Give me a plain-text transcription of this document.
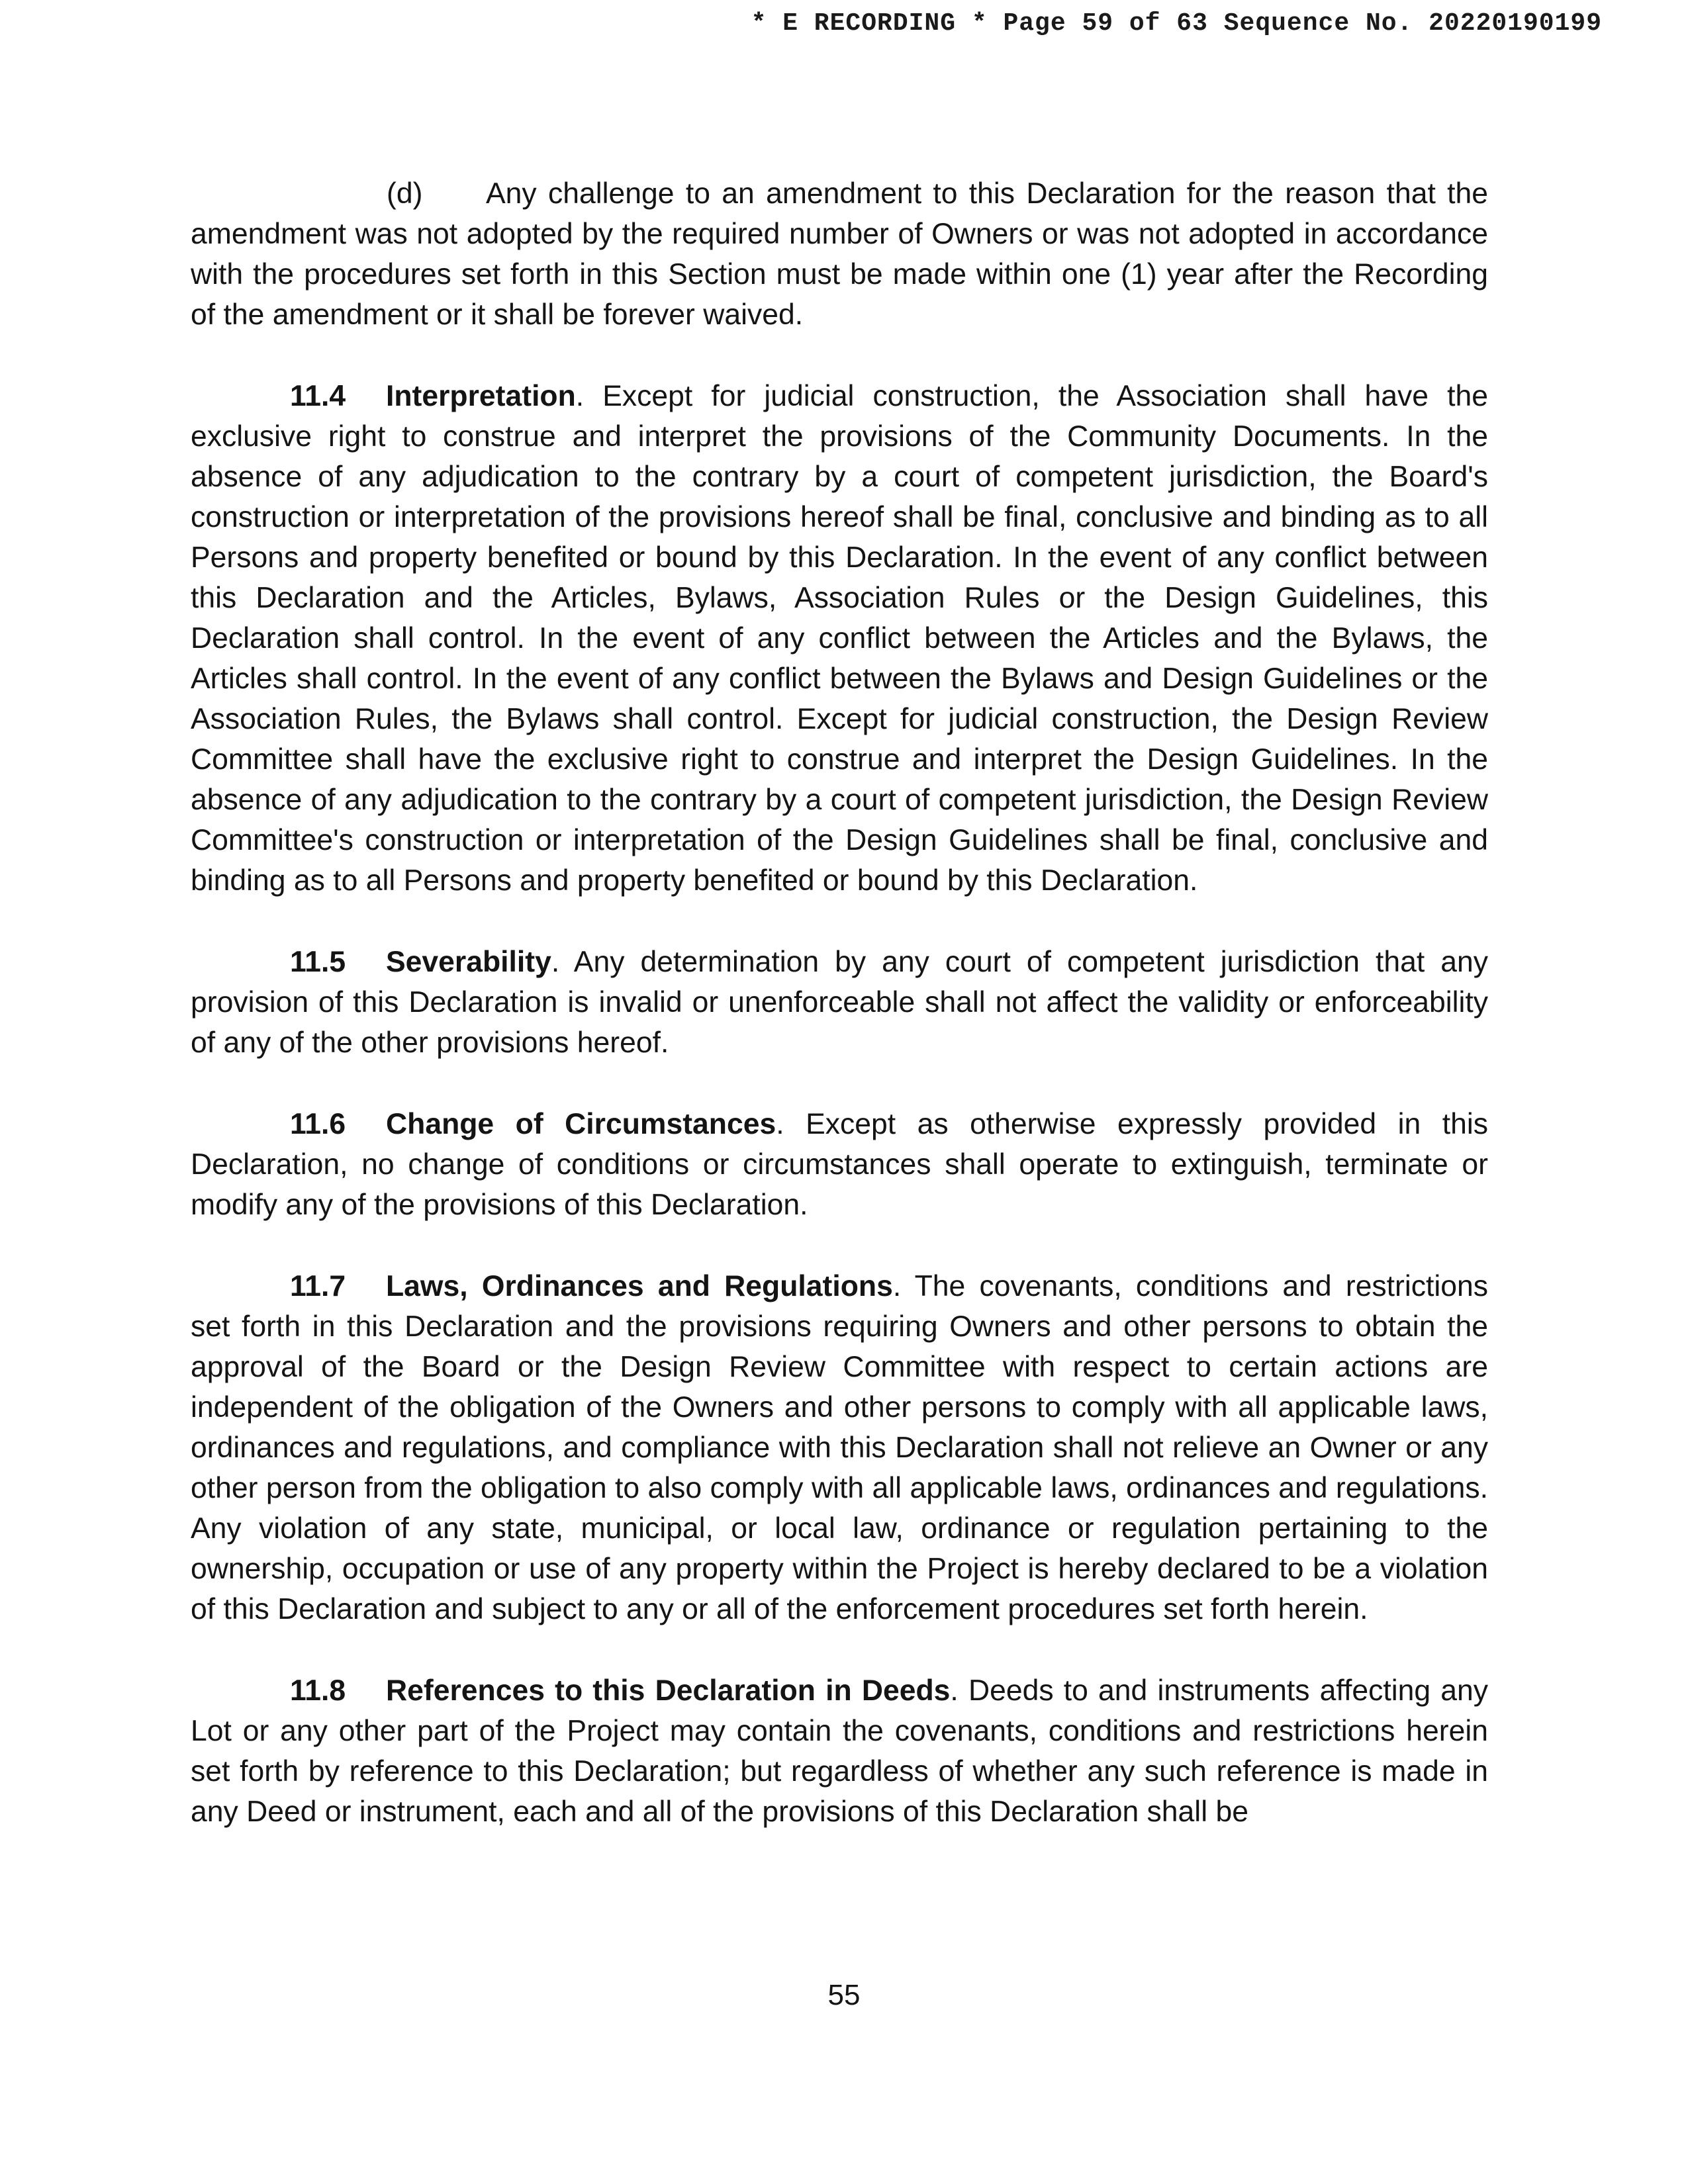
* E RECORDING * Page 59 of 63 Sequence No. 20220190199

(d) Any challenge to an amendment to this Declaration for the reason that the amendment was not adopted by the required number of Owners or was not adopted in accordance with the procedures set forth in this Section must be made within one (1) year after the Recording of the amendment or it shall be forever waived.

11.4 Interpretation. Except for judicial construction, the Association shall have the exclusive right to construe and interpret the provisions of the Community Documents. In the absence of any adjudication to the contrary by a court of competent jurisdiction, the Board's construction or interpretation of the provisions hereof shall be final, conclusive and binding as to all Persons and property benefited or bound by this Declaration. In the event of any conflict between this Declaration and the Articles, Bylaws, Association Rules or the Design Guidelines, this Declaration shall control. In the event of any conflict between the Articles and the Bylaws, the Articles shall control. In the event of any conflict between the Bylaws and Design Guidelines or the Association Rules, the Bylaws shall control. Except for judicial construction, the Design Review Committee shall have the exclusive right to construe and interpret the Design Guidelines. In the absence of any adjudication to the contrary by a court of competent jurisdiction, the Design Review Committee's construction or interpretation of the Design Guidelines shall be final, conclusive and binding as to all Persons and property benefited or bound by this Declaration.

11.5 Severability. Any determination by any court of competent jurisdiction that any provision of this Declaration is invalid or unenforceable shall not affect the validity or enforceability of any of the other provisions hereof.

11.6 Change of Circumstances. Except as otherwise expressly provided in this Declaration, no change of conditions or circumstances shall operate to extinguish, terminate or modify any of the provisions of this Declaration.

11.7 Laws, Ordinances and Regulations. The covenants, conditions and restrictions set forth in this Declaration and the provisions requiring Owners and other persons to obtain the approval of the Board or the Design Review Committee with respect to certain actions are independent of the obligation of the Owners and other persons to comply with all applicable laws, ordinances and regulations, and compliance with this Declaration shall not relieve an Owner or any other person from the obligation to also comply with all applicable laws, ordinances and regulations. Any violation of any state, municipal, or local law, ordinance or regulation pertaining to the ownership, occupation or use of any property within the Project is hereby declared to be a violation of this Declaration and subject to any or all of the enforcement procedures set forth herein.

11.8 References to this Declaration in Deeds. Deeds to and instruments affecting any Lot or any other part of the Project may contain the covenants, conditions and restrictions herein set forth by reference to this Declaration; but regardless of whether any such reference is made in any Deed or instrument, each and all of the provisions of this Declaration shall be

55
